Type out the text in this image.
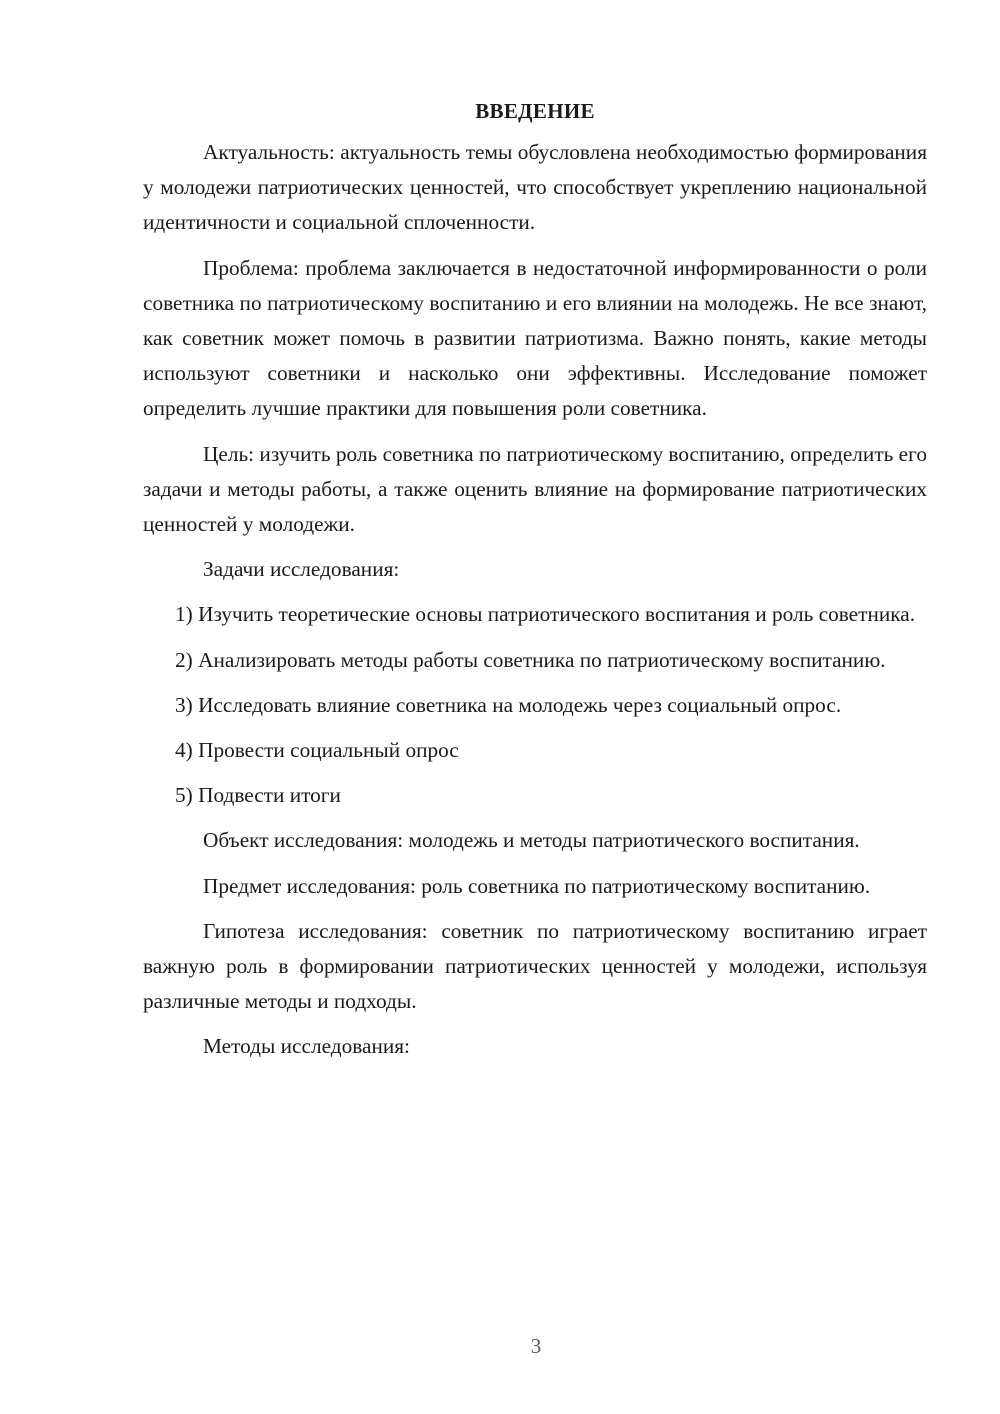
ВВЕДЕНИЕ

Актуальность: актуальность темы обусловлена необходимостью формирования у молодежи патриотических ценностей, что способствует укреплению национальной идентичности и социальной сплоченности.

Проблема: проблема заключается в недостаточной информированности о роли советника по патриотическому воспитанию и его влиянии на молодежь. Не все знают, как советник может помочь в развитии патриотизма. Важно понять, какие методы используют советники и насколько они эффективны. Исследование поможет определить лучшие практики для повышения роли советника.

Цель: изучить роль советника по патриотическому воспитанию, определить его задачи и методы работы, а также оценить влияние на формирование патриотических ценностей у молодежи.

Задачи исследования:

1) Изучить теоретические основы патриотического воспитания и роль советника.

2) Анализировать методы работы советника по патриотическому воспитанию.

3) Исследовать влияние советника на молодежь через социальный опрос.

4) Провести социальный опрос

5) Подвести итоги

Объект исследования: молодежь и методы патриотического воспитания.

Предмет исследования: роль советника по патриотическому воспитанию.

Гипотеза исследования: советник по патриотическому воспитанию играет важную роль в формировании патриотических ценностей у молодежи, используя различные методы и подходы.

Методы исследования:

3
